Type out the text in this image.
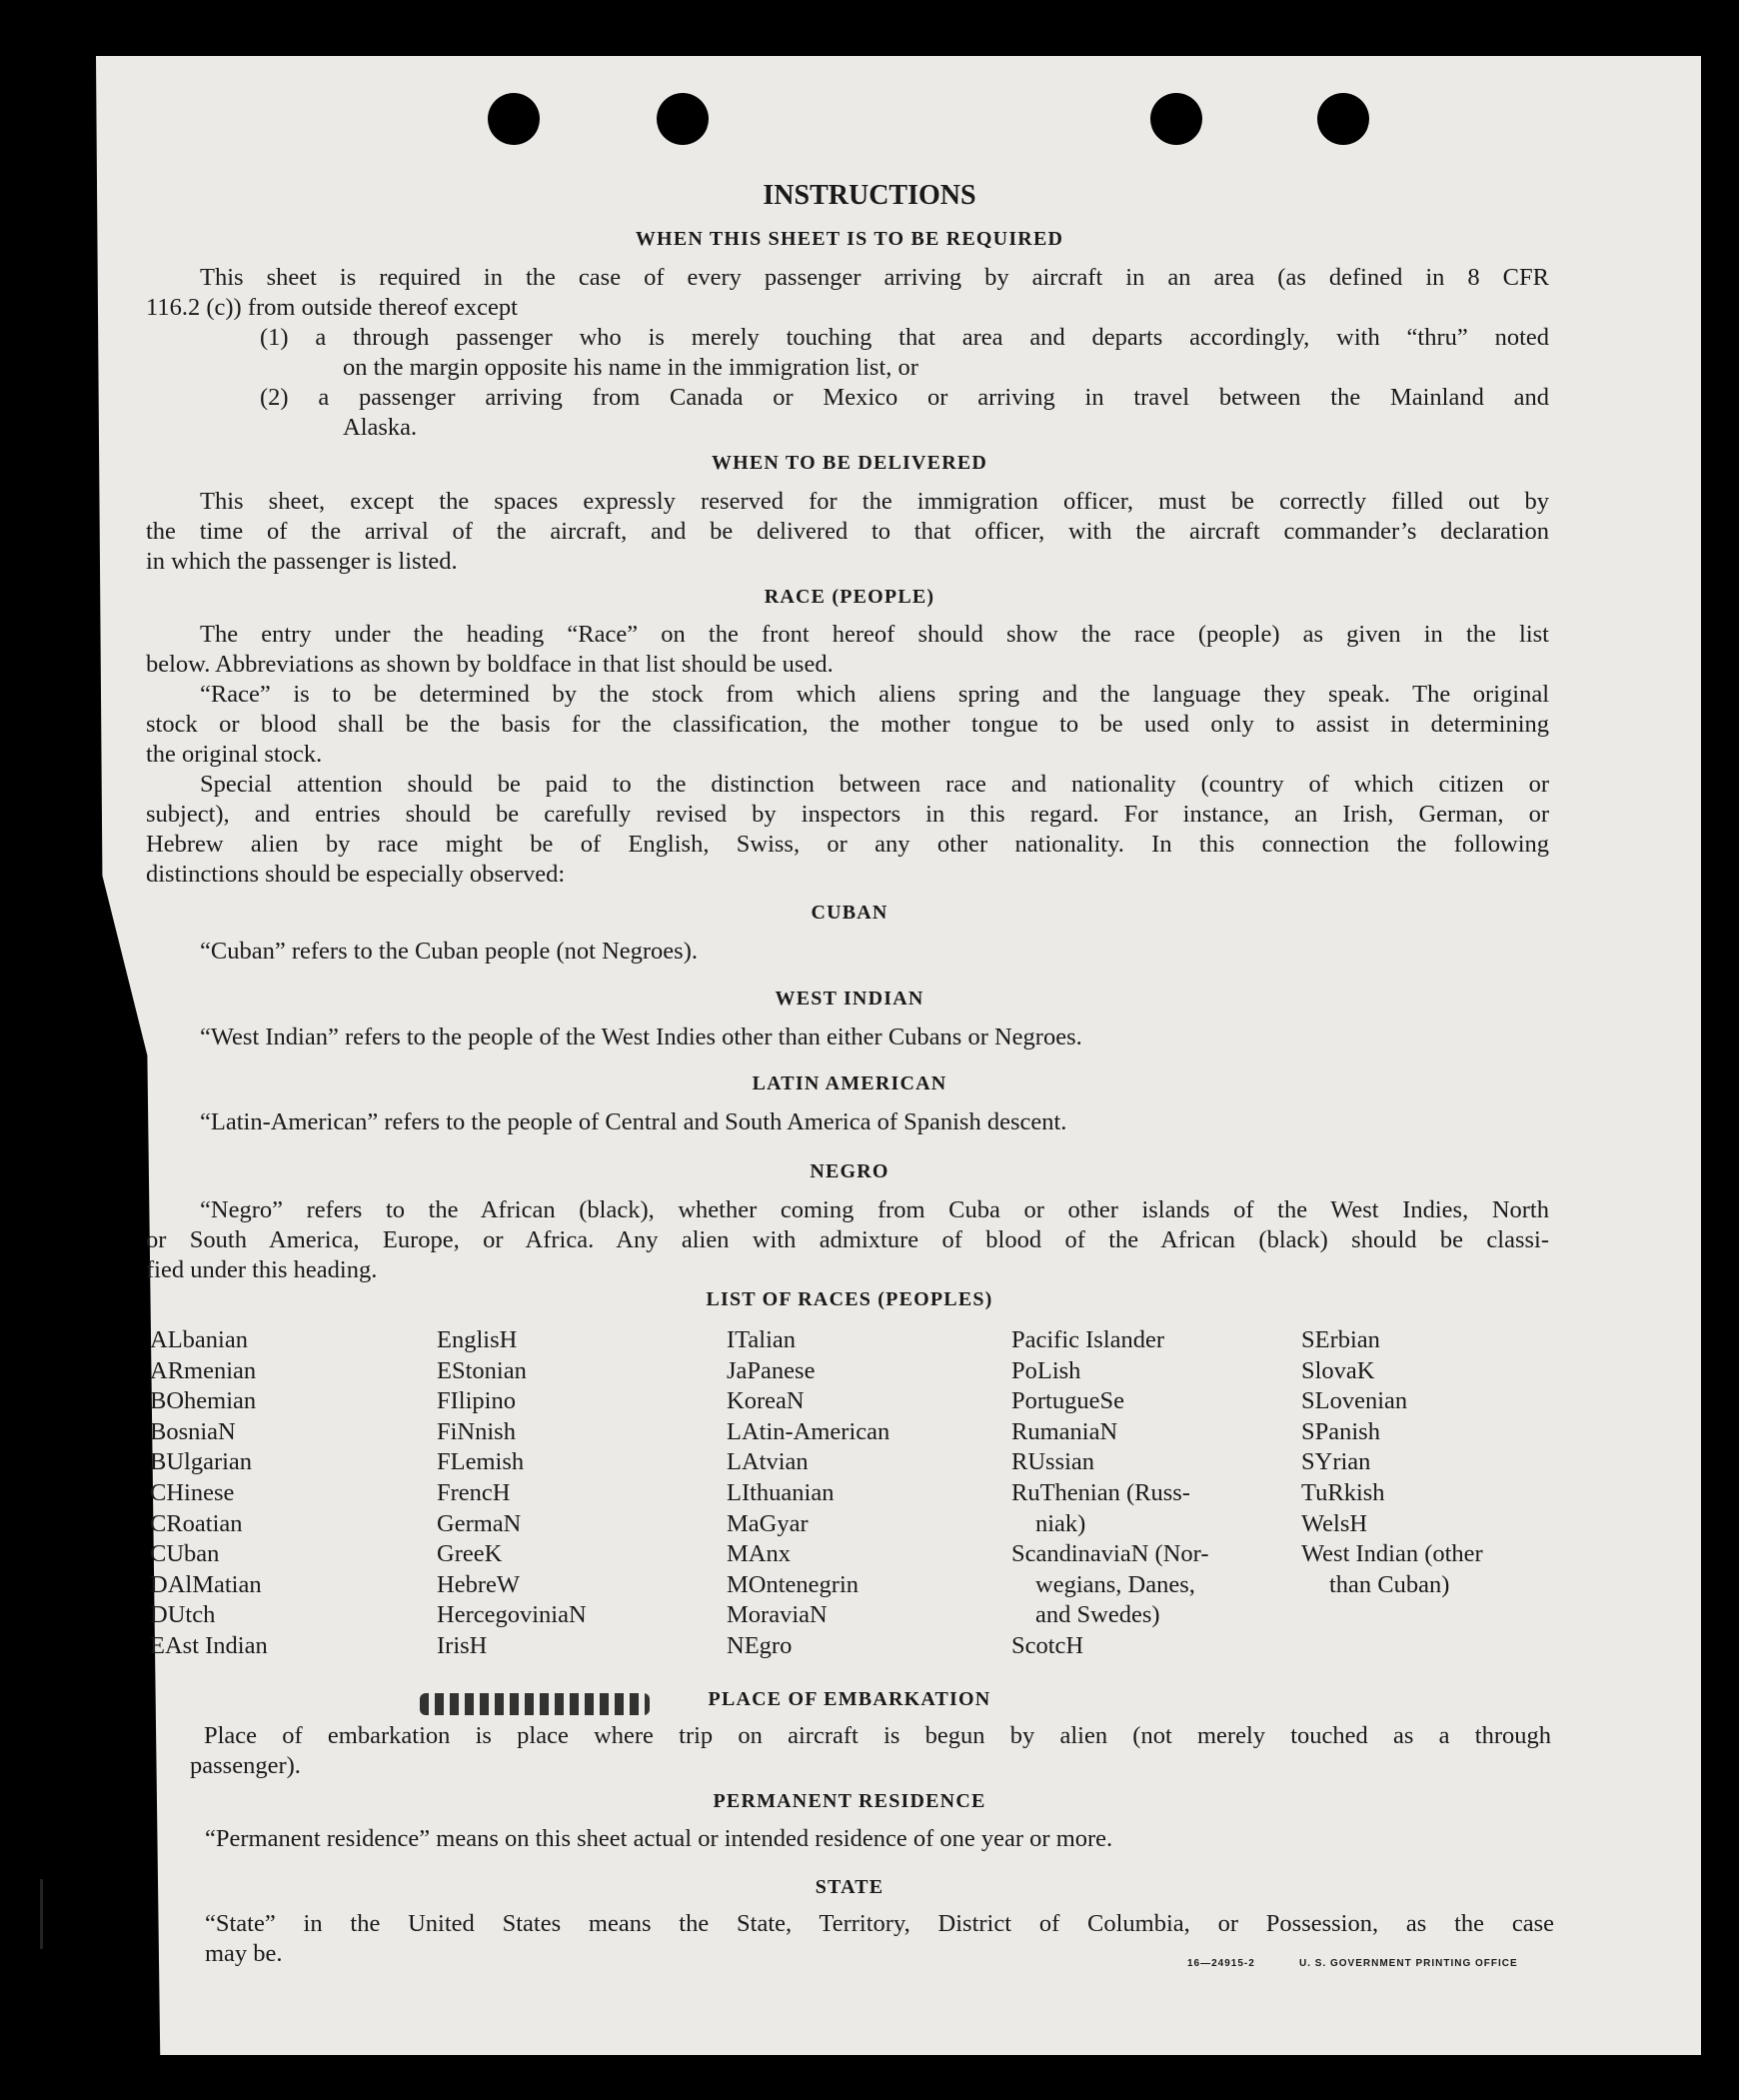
INSTRUCTIONS
WHEN THIS SHEET IS TO BE REQUIRED
This sheet is required in the case of every passenger arriving by aircraft in an area (as defined in 8 CFR
116.2 (c)) from outside thereof except
(1) a through passenger who is merely touching that area and departs accordingly, with “thru” noted
on the margin opposite his name in the immigration list, or
(2) a passenger arriving from Canada or Mexico or arriving in travel between the Mainland and
Alaska.
WHEN TO BE DELIVERED
This sheet, except the spaces expressly reserved for the immigration officer, must be correctly filled out by
the time of the arrival of the aircraft, and be delivered to that officer, with the aircraft commander’s declaration
in which the passenger is listed.
RACE (PEOPLE)
The entry under the heading “Race” on the front hereof should show the race (people) as given in the list
below. Abbreviations as shown by boldface in that list should be used.
“Race” is to be determined by the stock from which aliens spring and the language they speak. The original
stock or blood shall be the basis for the classification, the mother tongue to be used only to assist in determining
the original stock.
Special attention should be paid to the distinction between race and nationality (country of which citizen or
subject), and entries should be carefully revised by inspectors in this regard. For instance, an Irish, German, or
Hebrew alien by race might be of English, Swiss, or any other nationality. In this connection the following
distinctions should be especially observed:
CUBAN
“Cuban” refers to the Cuban people (not Negroes).
WEST INDIAN
“West Indian” refers to the people of the West Indies other than either Cubans or Negroes.
LATIN AMERICAN
“Latin-American” refers to the people of Central and South America of Spanish descent.
NEGRO
“Negro” refers to the African (black), whether coming from Cuba or other islands of the West Indies, North
or South America, Europe, or Africa. Any alien with admixture of blood of the African (black) should be classi-
fied under this heading.
LIST OF RACES (PEOPLES)
ALbanian
ARmenian
BOhemian
BosniaN
BUlgarian
CHinese
CRoatian
CUban
DAlMatian
DUtch
EAst Indian
EnglisH
EStonian
FIlipino
FiNnish
FLemish
FrencH
GermaN
GreeK
HebreW
HercegoviniaN
IrisH
ITalian
JaPanese
KoreaN
LAtin-American
LAtvian
LIthuanian
MaGyar
MAnx
MOntenegrin
MoraviaN
NEgro
Pacific Islander
PoLish
PortugueSe
RumaniaN
RUssian
RuThenian (Russ-
niak)
ScandinaviaN (Nor-
wegians, Danes,
and Swedes)
ScotcH
SErbian
SlovaK
SLovenian
SPanish
SYrian
TuRkish
WelsH
West Indian (other
than Cuban)
PLACE OF EMBARKATION
Place of embarkation is place where trip on aircraft is begun by alien (not merely touched as a through
passenger).
PERMANENT RESIDENCE
“Permanent residence” means on this sheet actual or intended residence of one year or more.
STATE
“State” in the United States means the State, Territory, District of Columbia, or Possession, as the case
may be.	16—24915-2	U. S. GOVERNMENT PRINTING OFFICE
